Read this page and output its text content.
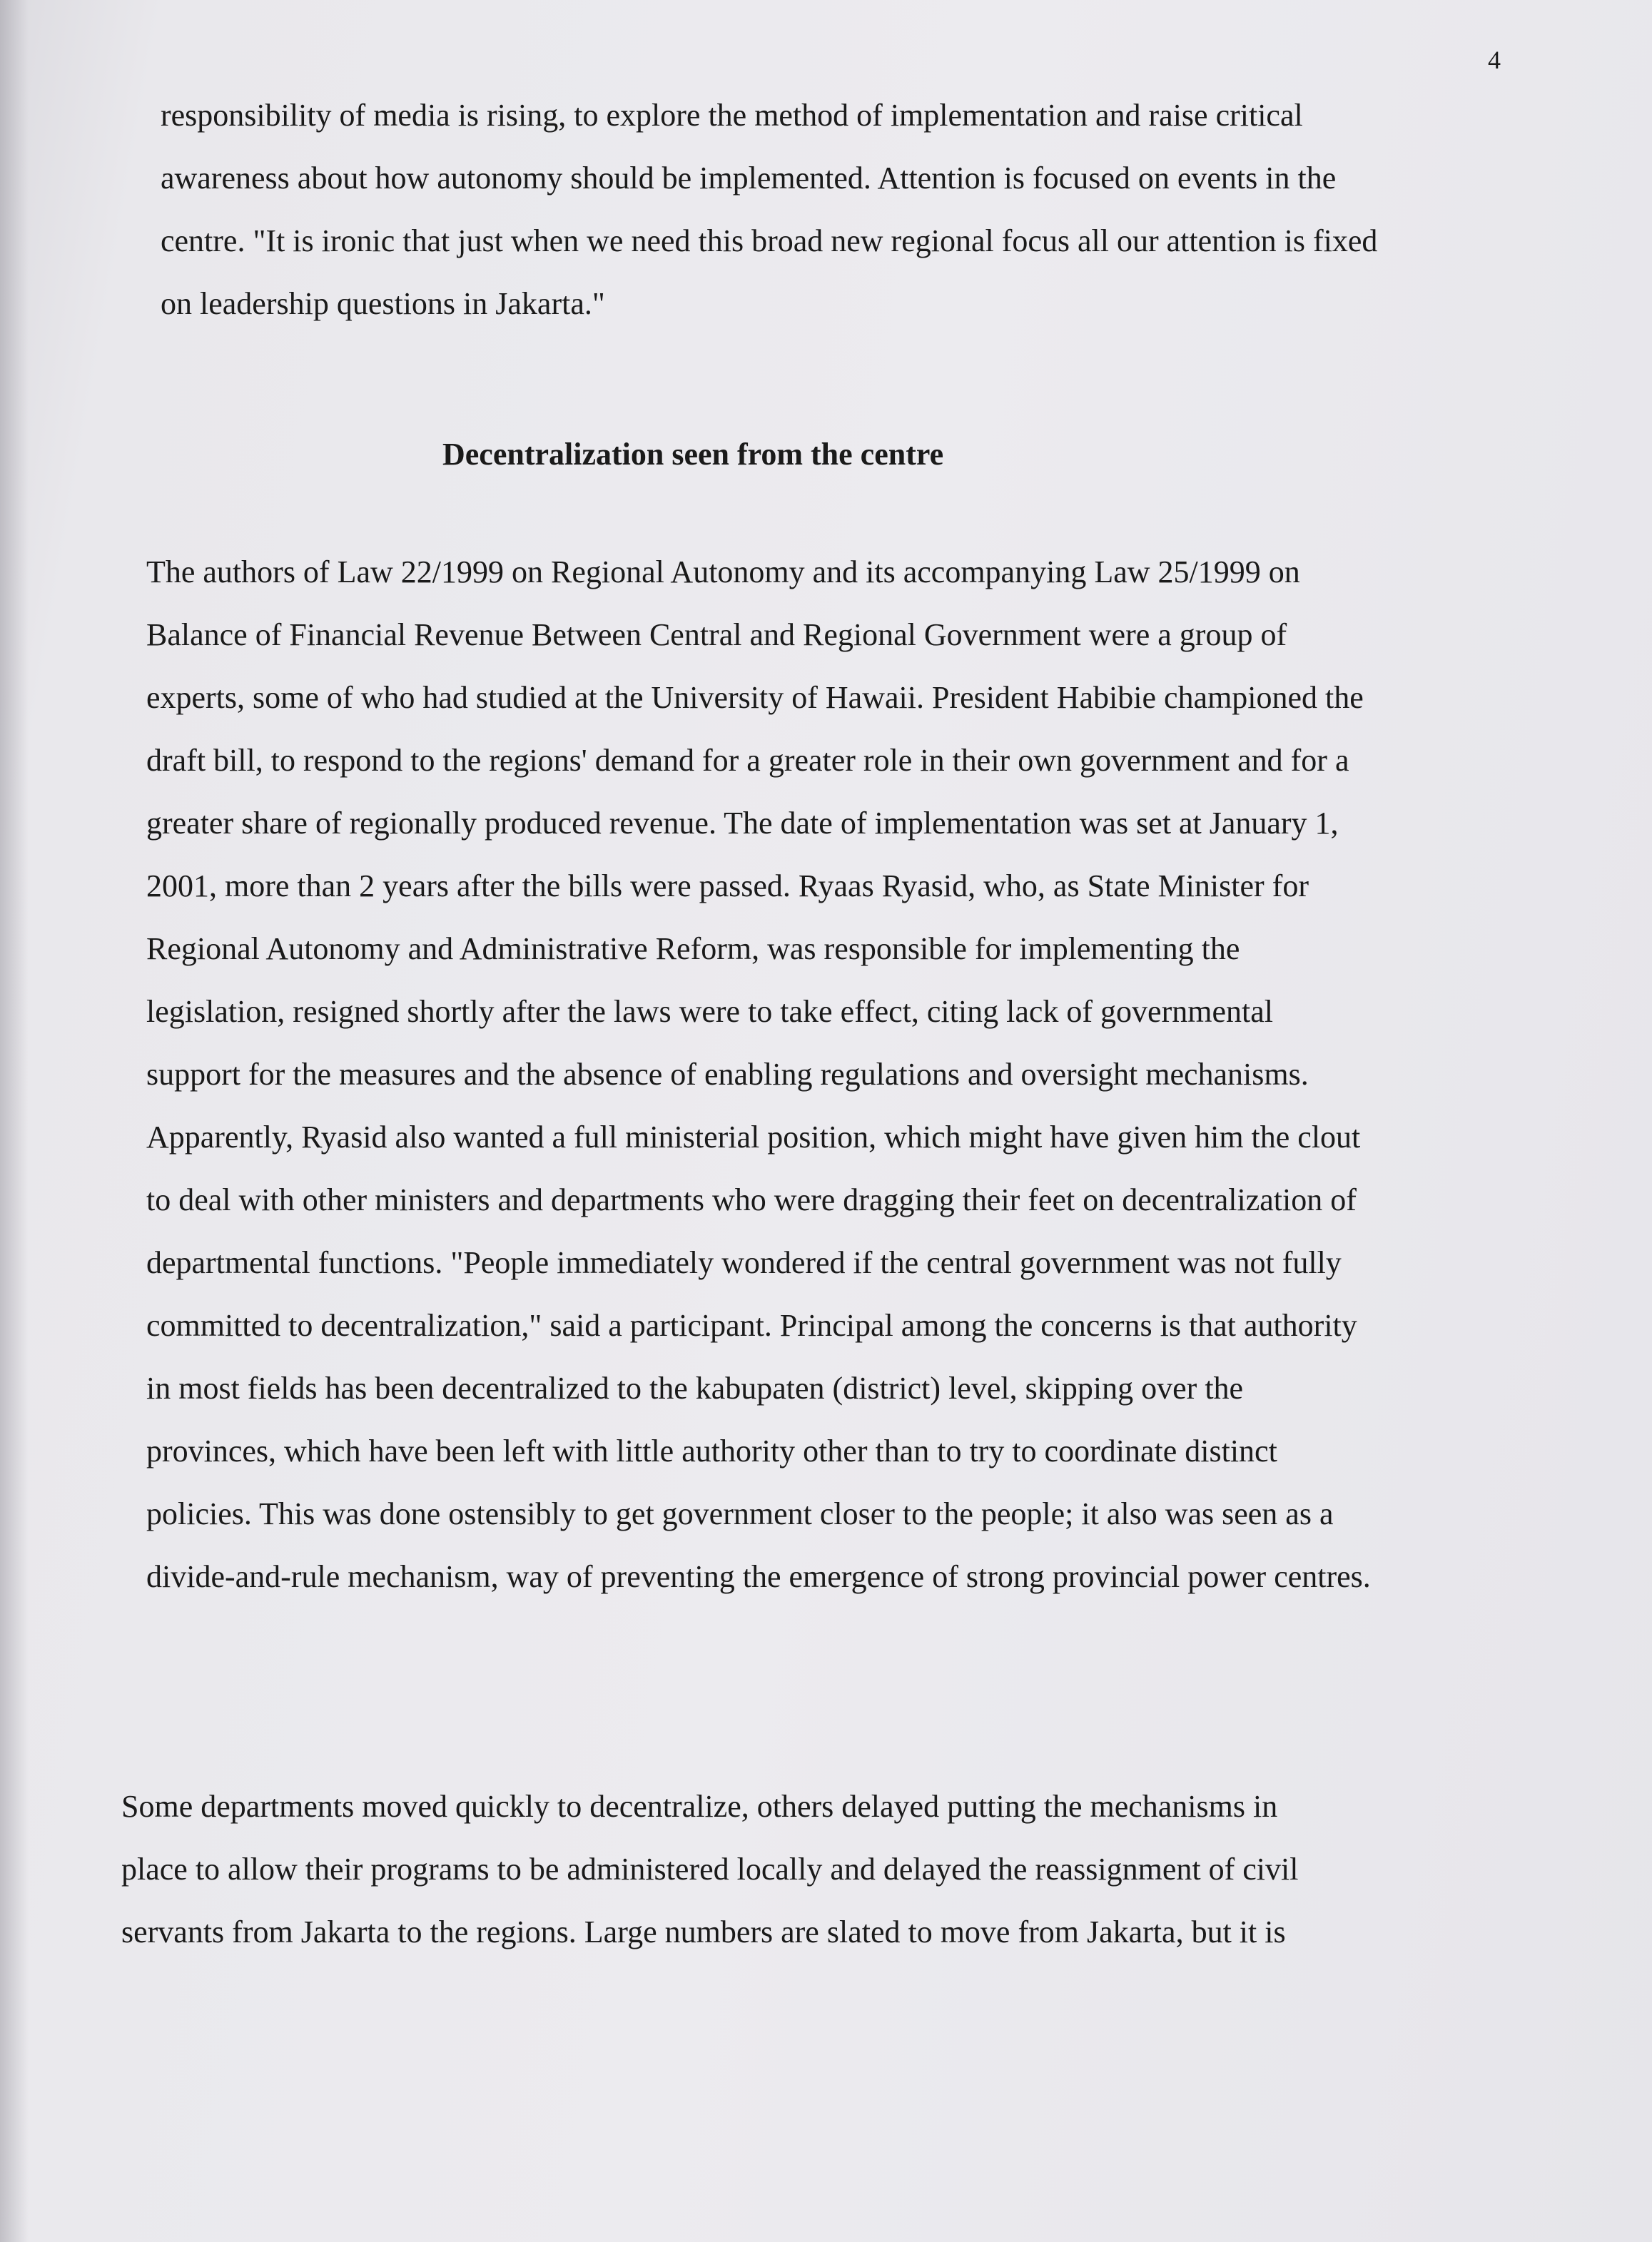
4

responsibility of media is rising, to explore the method of implementation and raise critical
awareness about how autonomy should be implemented. Attention is focused on events in the
centre. "It is ironic that just when we need this broad new regional focus all our attention is fixed
on leadership questions in Jakarta."
Decentralization seen from the centre
The authors of Law 22/1999 on Regional Autonomy and its accompanying Law 25/1999 on
Balance of Financial Revenue Between Central and Regional Government were a group of
experts, some of who had studied at the University of Hawaii. President Habibie championed the
draft bill, to respond to the regions' demand for a greater role in their own government and for a
greater share of regionally produced revenue. The date of implementation was set at January 1,
2001, more than 2 years after the bills were passed. Ryaas Ryasid, who, as State Minister for
Regional Autonomy and Administrative Reform, was responsible for implementing the
legislation, resigned shortly after the laws were to take effect, citing lack of governmental
support for the measures and the absence of enabling regulations and oversight mechanisms.
Apparently, Ryasid also wanted a full ministerial position, which might have given him the clout
to deal with other ministers and departments who were dragging their feet on decentralization of
departmental functions. "People immediately wondered if the central government was not fully
committed to decentralization," said a participant. Principal among the concerns is that authority
in most fields has been decentralized to the kabupaten (district) level, skipping over the
provinces, which have been left with little authority other than to try to coordinate distinct
policies. This was done ostensibly to get government closer to the people; it also was seen as a
divide-and-rule mechanism, way of preventing the emergence of strong provincial power centres.
Some departments moved quickly to decentralize, others delayed putting the mechanisms in
place to allow their programs to be administered locally and delayed the reassignment of civil
servants from Jakarta to the regions. Large numbers are slated to move from Jakarta, but it is
